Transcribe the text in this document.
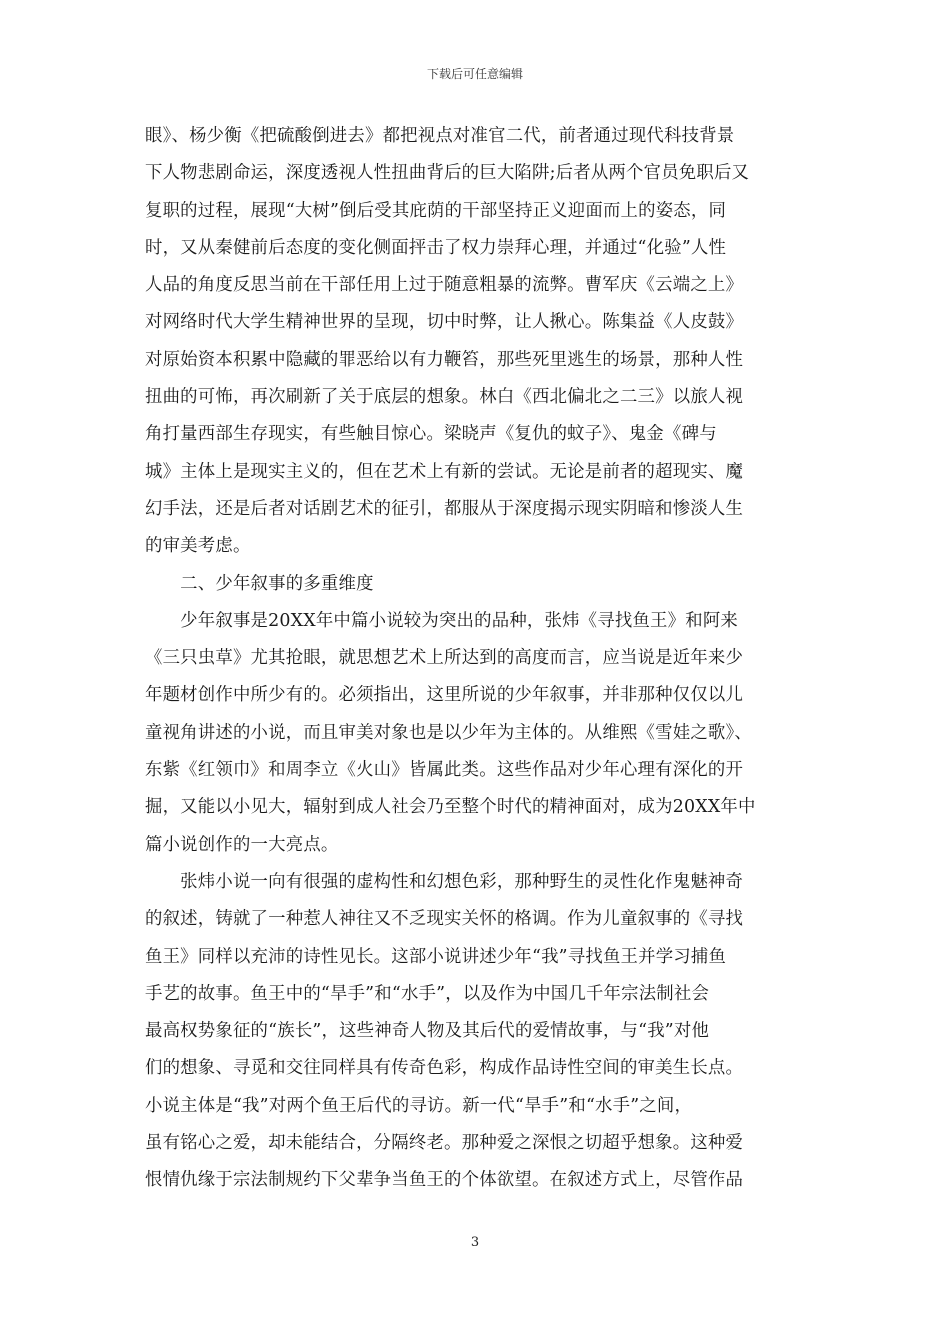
下载后可任意编辑
眼》、杨少衡《把硫酸倒进去》都把视点对准官二代，前者通过现代科技背景
下人物悲剧命运，深度透视人性扭曲背后的巨大陷阱;后者从两个官员免职后又
复职的过程，展现“大树”倒后受其庇荫的干部坚持正义迎面而上的姿态，同
时，又从秦健前后态度的变化侧面抨击了权力崇拜心理，并通过“化验”人性
人品的角度反思当前在干部任用上过于随意粗暴的流弊。曹军庆《云端之上》
对网络时代大学生精神世界的呈现，切中时弊，让人揪心。陈集益《人皮鼓》
对原始资本积累中隐藏的罪恶给以有力鞭笞，那些死里逃生的场景，那种人性
扭曲的可怖，再次刷新了关于底层的想象。林白《西北偏北之二三》以旅人视
角打量西部生存现实，有些触目惊心。梁晓声《复仇的蚊子》、鬼金《碑与
城》主体上是现实主义的，但在艺术上有新的尝试。无论是前者的超现实、魔
幻手法，还是后者对话剧艺术的征引，都服从于深度揭示现实阴暗和惨淡人生
的审美考虑。
　　二、少年叙事的多重维度
　　少年叙事是20XX年中篇小说较为突出的品种，张炜《寻找鱼王》和阿来
《三只虫草》尤其抢眼，就思想艺术上所达到的高度而言，应当说是近年来少
年题材创作中所少有的。必须指出，这里所说的少年叙事，并非那种仅仅以儿
童视角讲述的小说，而且审美对象也是以少年为主体的。从维熙《雪娃之歌》、
东紫《红领巾》和周李立《火山》皆属此类。这些作品对少年心理有深化的开
掘，又能以小见大，辐射到成人社会乃至整个时代的精神面对，成为20XX年中
篇小说创作的一大亮点。
　　张炜小说一向有很强的虚构性和幻想色彩，那种野生的灵性化作鬼魅神奇
的叙述，铸就了一种惹人神往又不乏现实关怀的格调。作为儿童叙事的《寻找
鱼王》同样以充沛的诗性见长。这部小说讲述少年“我”寻找鱼王并学习捕鱼
手艺的故事。鱼王中的“旱手”和“水手”，以及作为中国几千年宗法制社会
最高权势象征的“族长”，这些神奇人物及其后代的爱情故事，与“我”对他
们的想象、寻觅和交往同样具有传奇色彩，构成作品诗性空间的审美生长点。
小说主体是“我”对两个鱼王后代的寻访。新一代“旱手”和“水手”之间，
虽有铭心之爱，却未能结合，分隔终老。那种爱之深恨之切超乎想象。这种爱
恨情仇缘于宗法制规约下父辈争当鱼王的个体欲望。在叙述方式上，尽管作品
3
